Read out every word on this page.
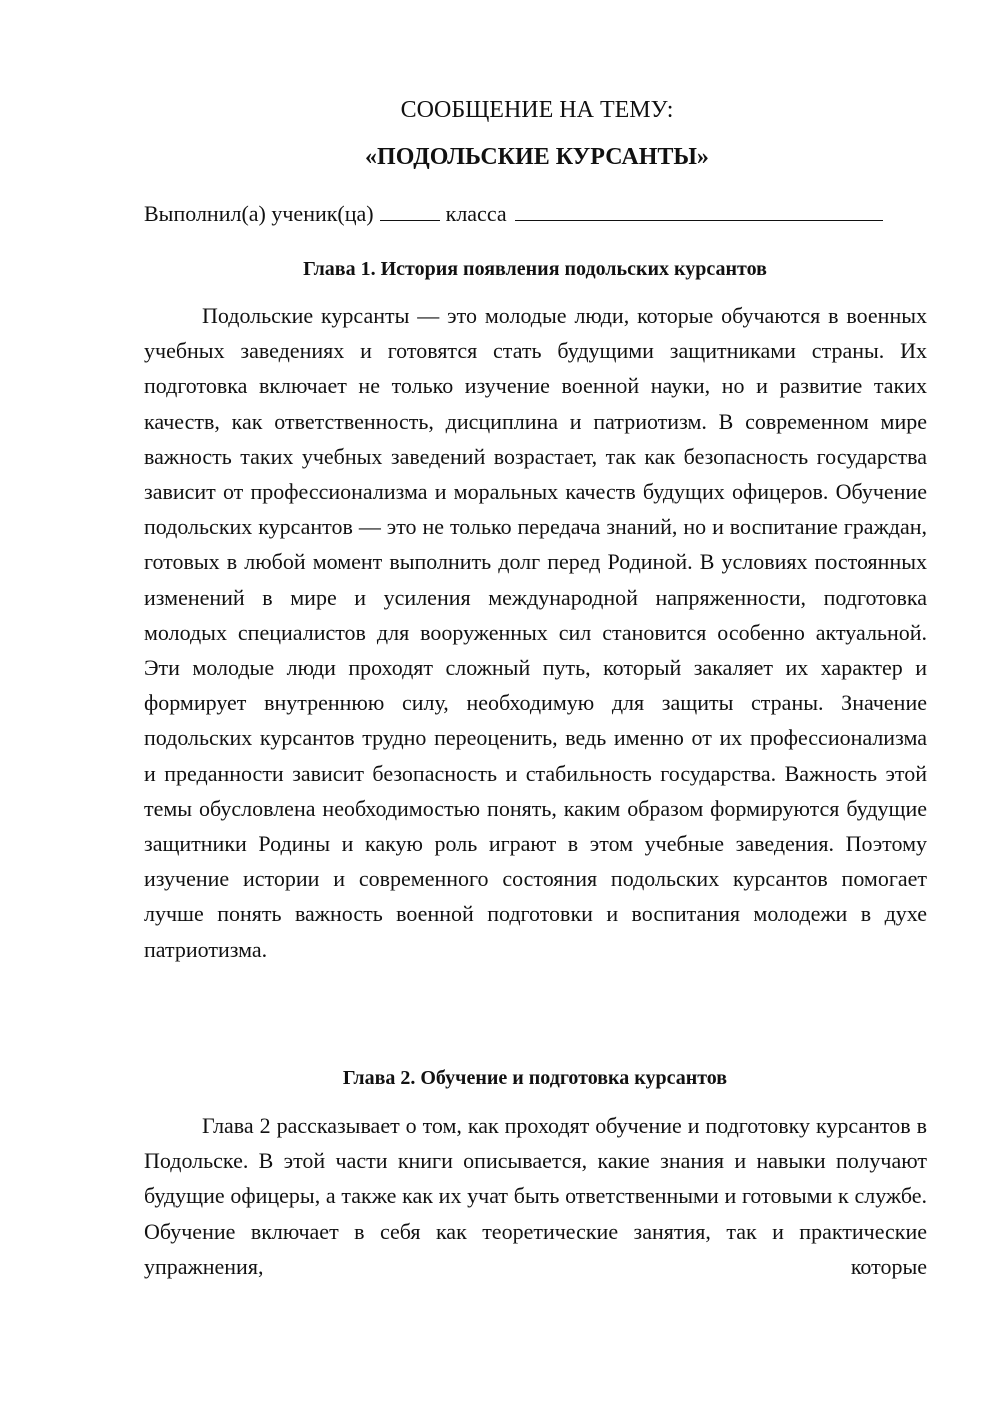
СООБЩЕНИЕ НА ТЕМУ:
«ПОДОЛЬСКИЕ КУРСАНТЫ»
Выполнил(а) ученик(ца)	класса
Глава 1. История появления подольских курсантов

Подольские курсанты — это молодые люди, которые обучаются в военных учебных заведениях и готовятся стать будущими защитниками страны. Их подготовка включает не только изучение военной науки, но и развитие таких качеств, как ответственность, дисциплина и патриотизм. В современном мире важность таких учебных заведений возрастает, так как безопасность государства зависит от профессионализма и моральных качеств будущих офицеров. Обучение подольских курсантов — это не только передача знаний, но и воспитание граждан, готовых в любой момент выполнить долг перед Родиной. В условиях постоянных изменений в мире и усиления международной напряженности, подготовка молодых специалистов для вооруженных сил становится особенно актуальной. Эти молодые люди проходят сложный путь, который закаляет их характер и формирует внутреннюю силу, необходимую для защиты страны. Значение подольских курсантов трудно переоценить, ведь именно от их профессионализма и преданности зависит безопасность и стабильность государства. Важность этой темы обусловлена необходимостью понять, каким образом формируются будущие защитники Родины и какую роль играют в этом учебные заведения. Поэтому изучение истории и современного состояния подольских курсантов помогает лучше понять важность военной подготовки и воспитания молодежи в духе патриотизма.

Глава 2. Обучение и подготовка курсантов

Глава 2 рассказывает о том, как проходят обучение и подготовку курсантов в Подольске. В этой части книги описывается, какие знания и навыки получают будущие офицеры, а также как их учат быть ответственными и готовыми к службе. Обучение включает в себя как теоретические занятия, так и практические упражнения, которые
